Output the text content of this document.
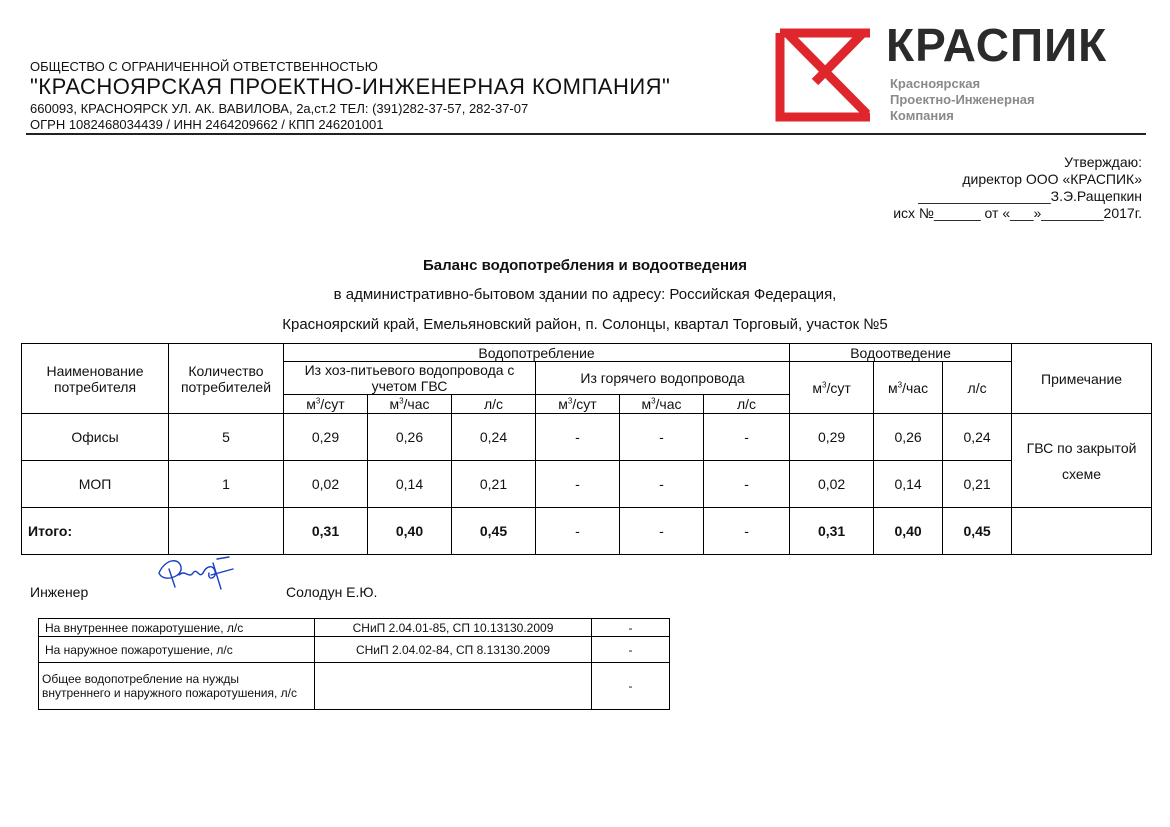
ОБЩЕСТВО С ОГРАНИЧЕННОЙ ОТВЕТСТВЕННОСТЬЮ
"КРАСНОЯРСКАЯ ПРОЕКТНО-ИНЖЕНЕРНАЯ КОМПАНИЯ"
660093, КРАСНОЯРСК УЛ. АК. ВАВИЛОВА, 2а,ст.2 ТЕЛ: (391)282-37-57, 282-37-07
ОГРН 1082468034439 / ИНН 2464209662 / КПП 246201001
КРАСПИК
Красноярская
Проектно-Инженерная
Компания
Утверждаю:
директор ООО «КРАСПИК»
_________________З.Э.Ращепкин
исх №______ от «___»________2017г.
Баланс водопотребления и водоотведения
в административно-бытовом здании по адресу: Российская Федерация,
Красноярский край, Емельяновский район, п. Солонцы, квартал Торговый, участок №5
Наименование потребителя	Количество потребителей	Водопотребление						Водоотведение			Примечание
		Из хоз-питьевого водопровода с учетом ГВС			Из горячего водопровода			$м^3$/сут	$м^3$/час	л/с	
		$м^3$/сут	$м^3$/час	л/с	$м^3$/сут	$м^3$/час	л/с				
Офисы	5	0,29	0,26	0,24	-	-	-	0,29	0,26	0,24	ГВС по закрытой схеме
МОП	1	0,02	0,14	0,21	-	-	-	0,02	0,14	0,21	
Итого:		0,31	0,40	0,45	-	-	-	0,31	0,40	0,45	
Инженер	Солодун Е.Ю.
На внутреннее пожаротушение, л/с	СНиП 2.04.01-85, СП 10.13130.2009	-
На наружное пожаротушение, л/с	СНиП 2.04.02-84, СП 8.13130.2009	-
Общее водопотребление на нужды внутреннего и наружного пожаротушения, л/с		-
